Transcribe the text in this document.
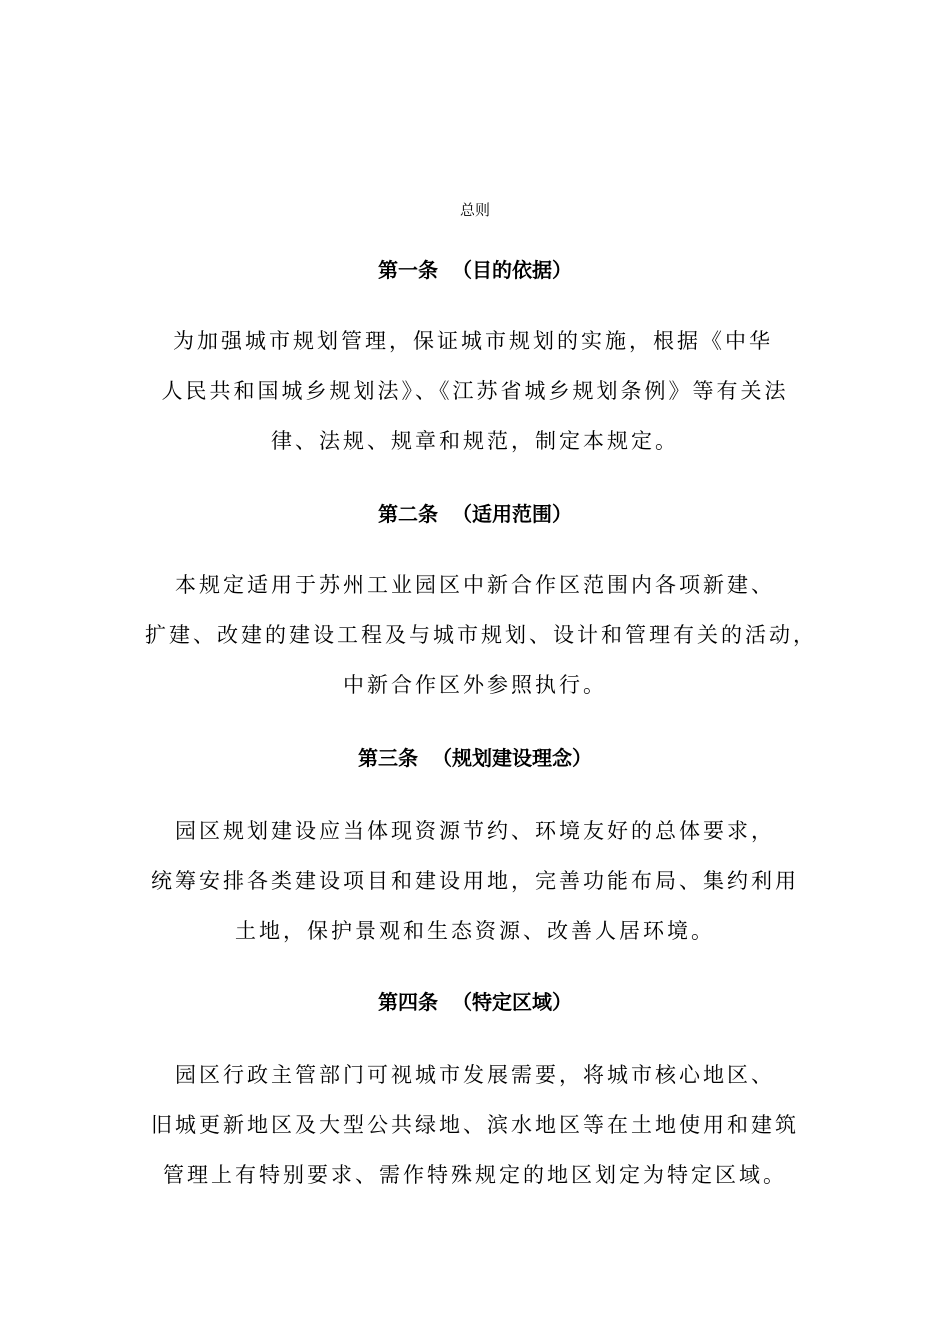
总则
第一条  （目的依据）
为加强城市规划管理，保证城市规划的实施，根据《中华
人民共和国城乡规划法》、《江苏省城乡规划条例》等有关法
律、法规、规章和规范，制定本规定。
第二条  （适用范围）
本规定适用于苏州工业园区中新合作区范围内各项新建、
扩建、改建的建设工程及与城市规划、设计和管理有关的活动，
中新合作区外参照执行。
第三条  （规划建设理念）
园区规划建设应当体现资源节约、环境友好的总体要求，
统筹安排各类建设项目和建设用地，完善功能布局、集约利用
土地，保护景观和生态资源、改善人居环境。
第四条  （特定区域）
园区行政主管部门可视城市发展需要，将城市核心地区、
旧城更新地区及大型公共绿地、滨水地区等在土地使用和建筑
管理上有特别要求、需作特殊规定的地区划定为特定区域。
